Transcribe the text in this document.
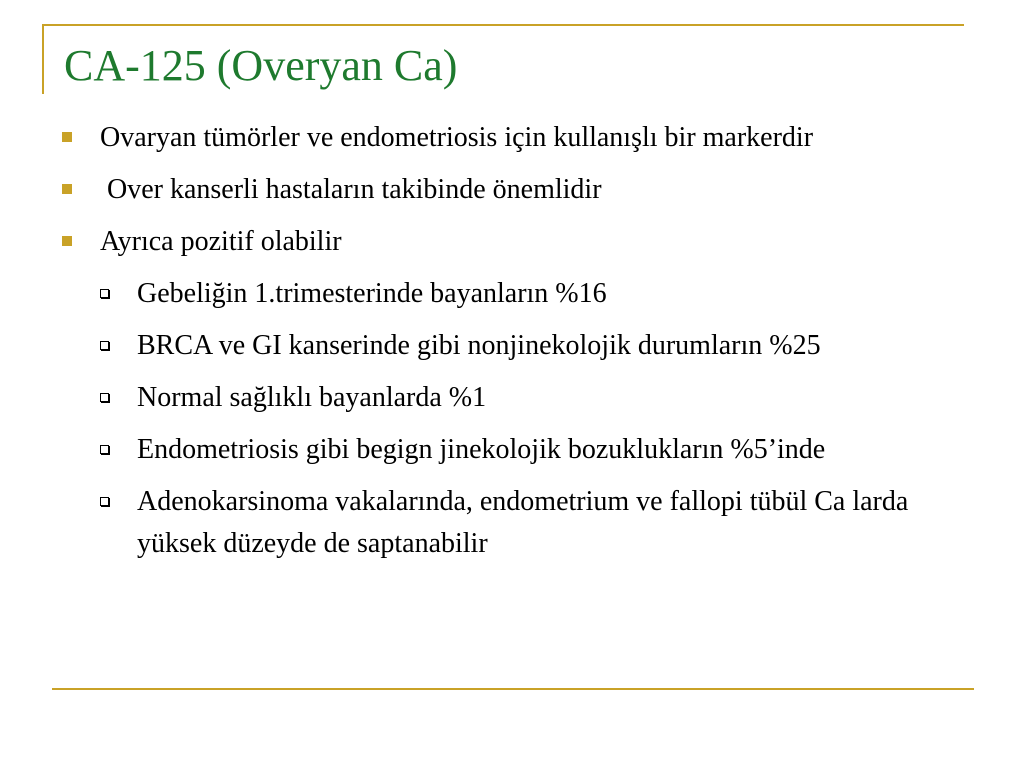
CA-125 (Overyan Ca)
Ovaryan tümörler ve endometriosis için kullanışlı bir markerdir
Over kanserli hastaların takibinde önemlidir
Ayrıca pozitif olabilir
Gebeliğin 1.trimesterinde bayanların %16
BRCA ve GI kanserinde gibi nonjinekolojik durumların %25
Normal sağlıklı bayanlarda %1
Endometriosis gibi begign jinekolojik bozuklukların %5’inde
Adenokarsinoma vakalarında, endometrium ve fallopi tübül Ca larda yüksek düzeyde de saptanabilir
